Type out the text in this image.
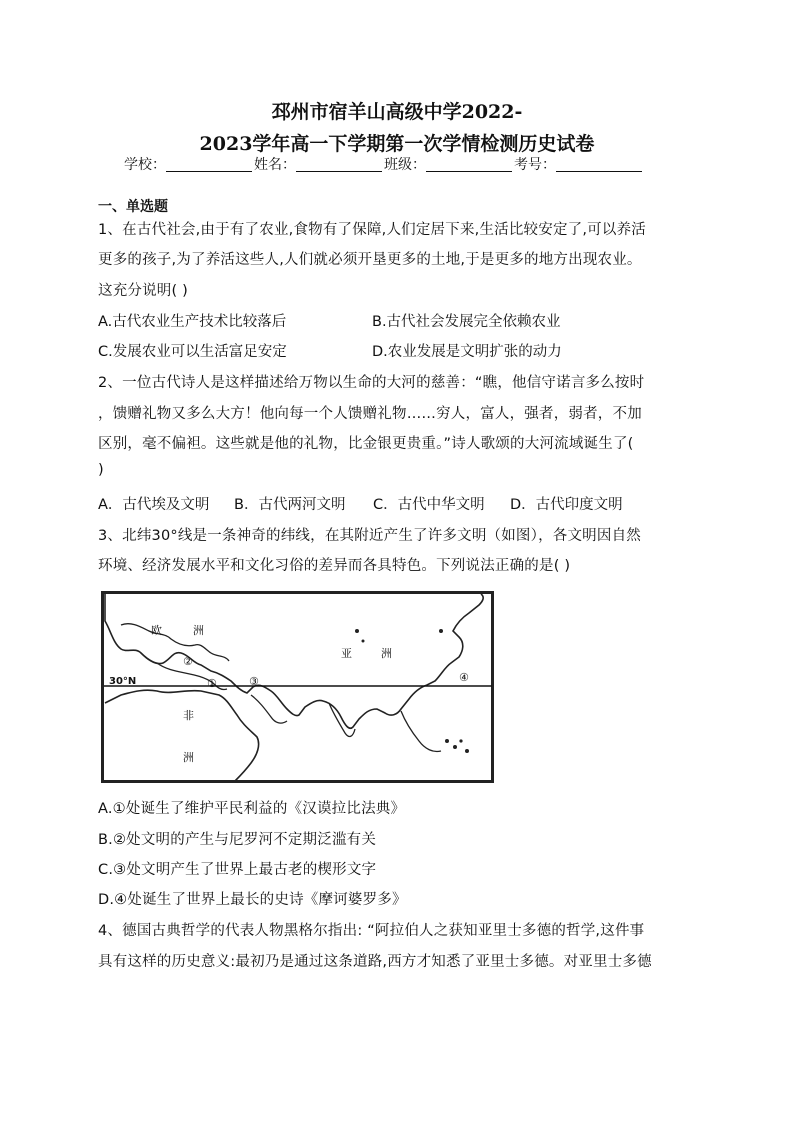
邳州市宿羊山高级中学2022-
2023学年高一下学期第一次学情检测历史试卷
学校：	姓名：	班级：	考号：
一、单选题
1、在古代社会,由于有了农业,食物有了保障,人们定居下来,生活比较安定了,可以养活
更多的孩子,为了养活这些人,人们就必须开垦更多的土地,于是更多的地方出现农业。
这充分说明( )
A.古代农业生产技术比较落后	B.古代社会发展完全依赖农业
C.发展农业可以生活富足安定	D.农业发展是文明扩张的动力
2、一位古代诗人是这样描述给万物以生命的大河的慈善：“瞧，他信守诺言多么按时
，馈赠礼物又多么大方！他向每一个人馈赠礼物……穷人，富人，强者，弱者，不加
区别，毫不偏袒。这些就是他的礼物，比金银更贵重。”诗人歌颂的大河流域诞生了(
)
A．古代埃及文明 B．古代两河文明 C．古代中华文明 D．古代印度文明
3、北纬30°线是一条神奇的纬线，在其附近产生了许多文明（如图），各文明因自然
环境、经济发展水平和文化习俗的差异而各具特色。下列说法正确的是( )
欧	洲
亚	洲
非
洲
30°N	①
②
③	④
A.①处诞生了维护平民利益的《汉谟拉比法典》
B.②处文明的产生与尼罗河不定期泛滥有关
C.③处文明产生了世界上最古老的楔形文字
D.④处诞生了世界上最长的史诗《摩诃婆罗多》
4、德国古典哲学的代表人物黑格尔指出: “阿拉伯人之获知亚里士多德的哲学,这件事
具有这样的历史意义:最初乃是通过这条道路,西方才知悉了亚里士多德。对亚里士多德
